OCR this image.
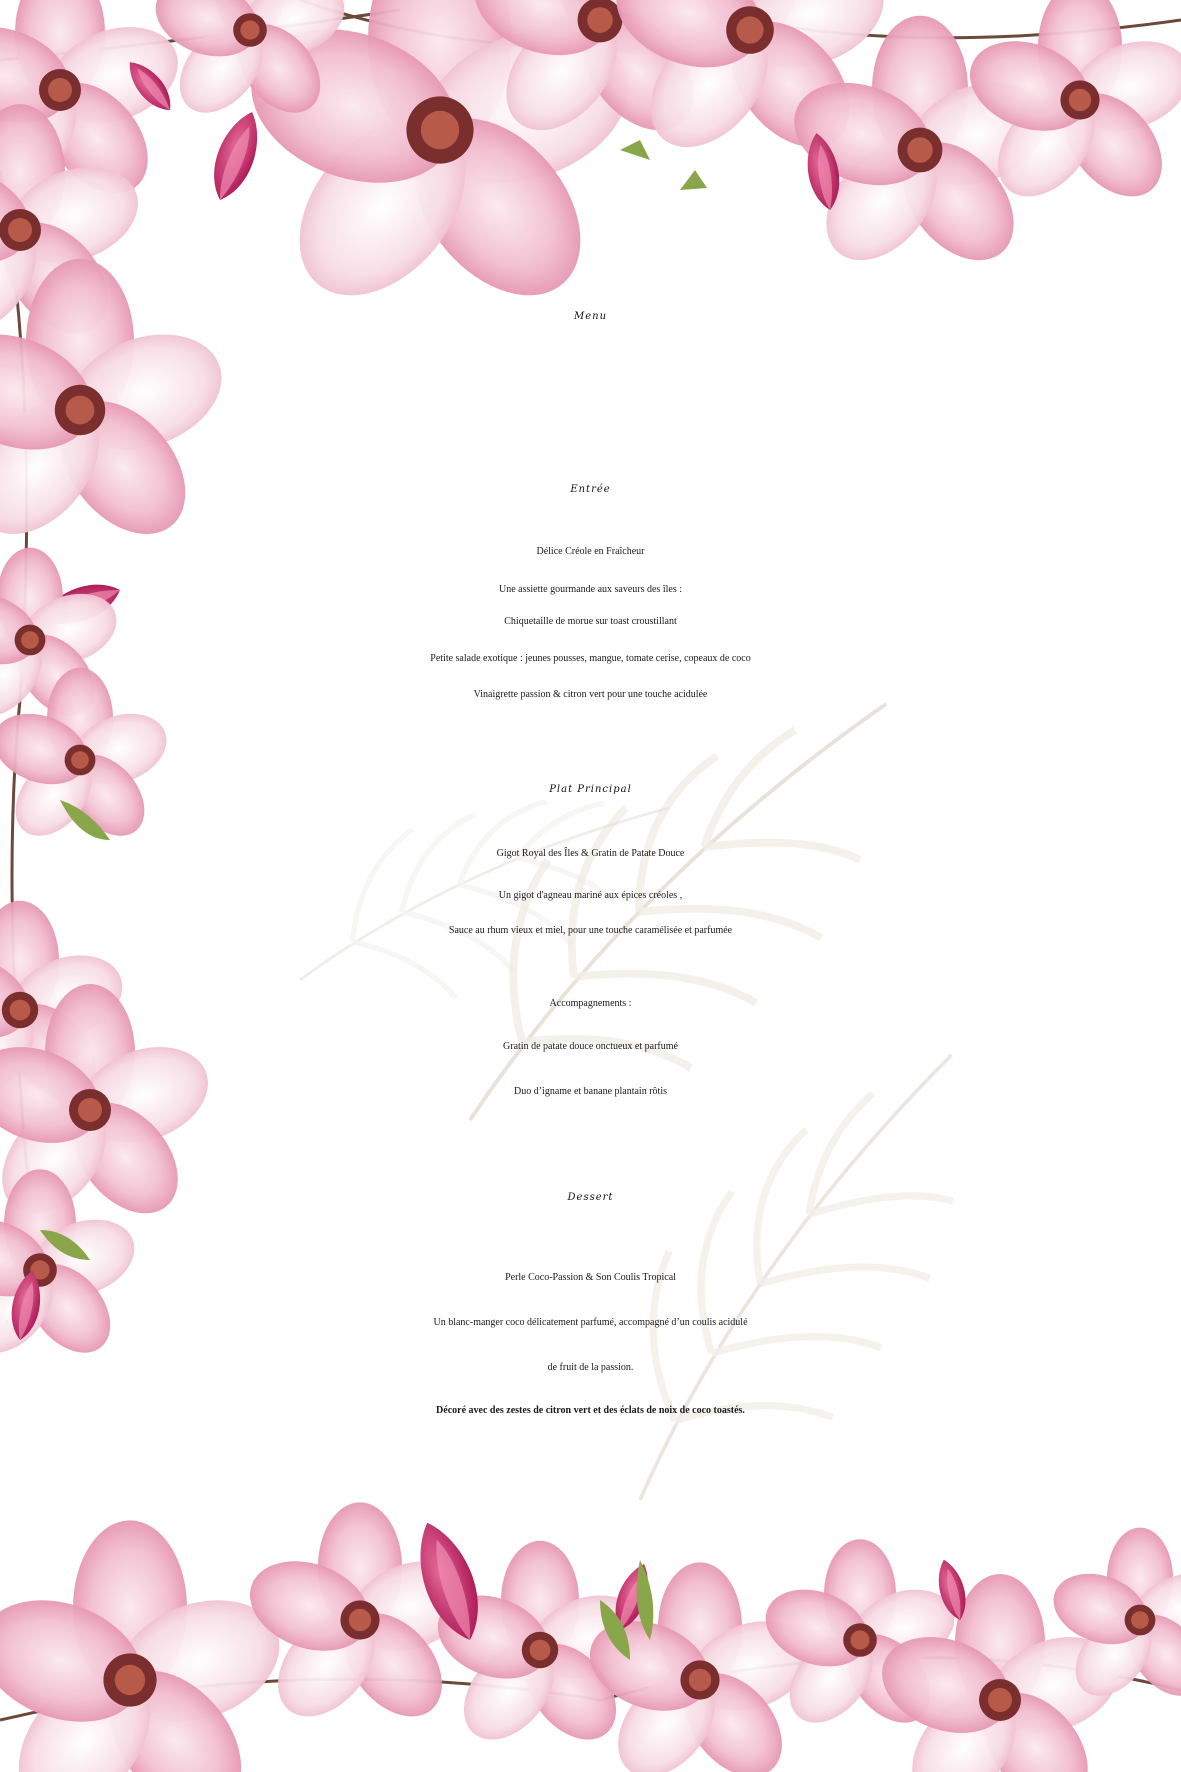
Menu
Entrée
Délice Créole en Fraîcheur
Une assiette gourmande aux saveurs des îles :
Chiquetaille de morue sur toast croustillant
Petite salade exotique : jeunes pousses, mangue, tomate cerise, copeaux de coco
Vinaigrette passion & citron vert pour une touche acidulée
Plat Principal
Gigot Royal des Îles & Gratin de Patate Douce
Un gigot d'agneau mariné aux épices créoles ,
Sauce au rhum vieux et miel, pour une touche caramélisée et parfumée
Accompagnements :
Gratin de patate douce onctueux et parfumé
Duo d’igname et banane plantain rôtis
Dessert
Perle Coco-Passion & Son Coulis Tropical
Un blanc-manger coco délicatement parfumé, accompagné d’un coulis acidulé
de fruit de la passion.
Décoré avec des zestes de citron vert et des éclats de noix de coco toastés.
